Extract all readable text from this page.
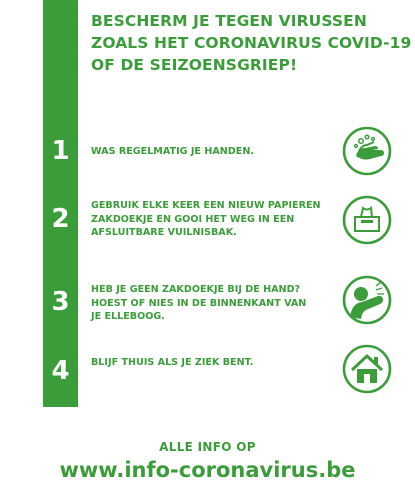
BESCHERM JE TEGEN VIRUSSEN
ZOALS HET CORONAVIRUS COVID-19
OF DE SEIZOENSGRIEP!
1	WAS REGELMATIG JE HANDEN.
2	GEBRUIK ELKE KEER EEN NIEUW PAPIEREN
ZAKDOEKJE EN GOOI HET WEG IN EEN
AFSLUITBARE VUILNISBAK.
3	HEB JE GEEN ZAKDOEKJE BIJ DE HAND?
HOEST OF NIES IN DE BINNENKANT VAN
JE ELLEBOOG.
4	BLIJF THUIS ALS JE ZIEK BENT.
ALLE INFO OP
www.info-coronavirus.be
